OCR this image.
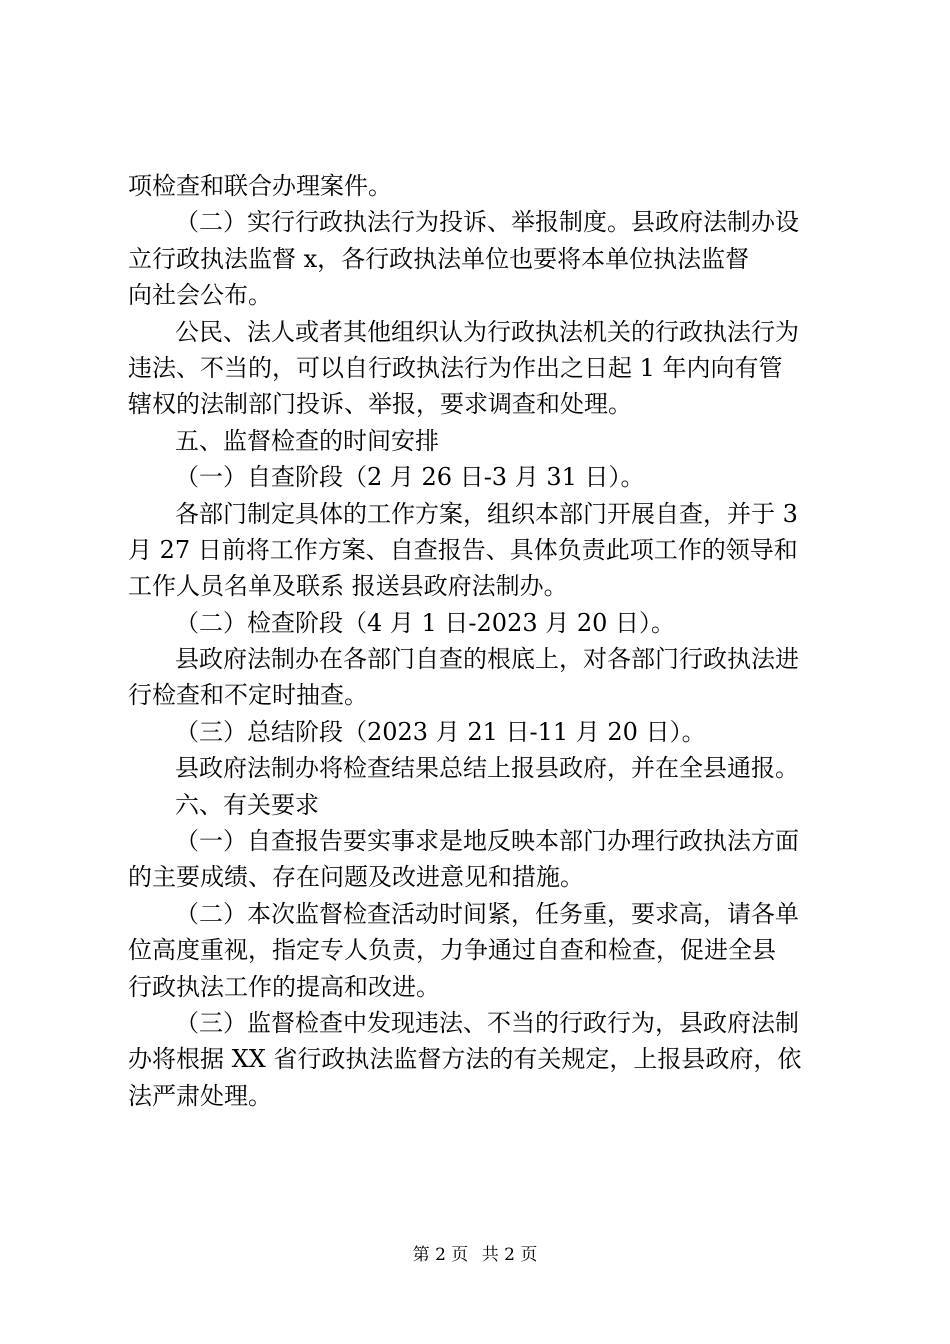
项检查和联合办理案件。
（二）实行行政执法行为投诉、举报制度。县政府法制办设
立行政执法监督 x，各行政执法单位也要将本单位执法监督
向社会公布。
公民、法人或者其他组织认为行政执法机关的行政执法行为
违法、不当的，可以自行政执法行为作出之日起 1 年内向有管
辖权的法制部门投诉、举报，要求调查和处理。
五、监督检查的时间安排
（一）自查阶段（2 月 26 日-3 月 31 日）。
各部门制定具体的工作方案，组织本部门开展自查，并于 3
月 27 日前将工作方案、自查报告、具体负责此项工作的领导和
工作人员名单及联系 报送县政府法制办。
（二）检查阶段（4 月 1 日-2023 月 20 日）。
县政府法制办在各部门自查的根底上，对各部门行政执法进
行检查和不定时抽查。
（三）总结阶段（2023 月 21 日-11 月 20 日）。
县政府法制办将检查结果总结上报县政府，并在全县通报。
六、有关要求
（一）自查报告要实事求是地反映本部门办理行政执法方面
的主要成绩、存在问题及改进意见和措施。
（二）本次监督检查活动时间紧，任务重，要求高，请各单
位高度重视，指定专人负责，力争通过自查和检查，促进全县
行政执法工作的提高和改进。
（三）监督检查中发现违法、不当的行政行为，县政府法制
办将根据 XX 省行政执法监督方法的有关规定，上报县政府，依
法严肃处理。
第 2 页 共 2 页
